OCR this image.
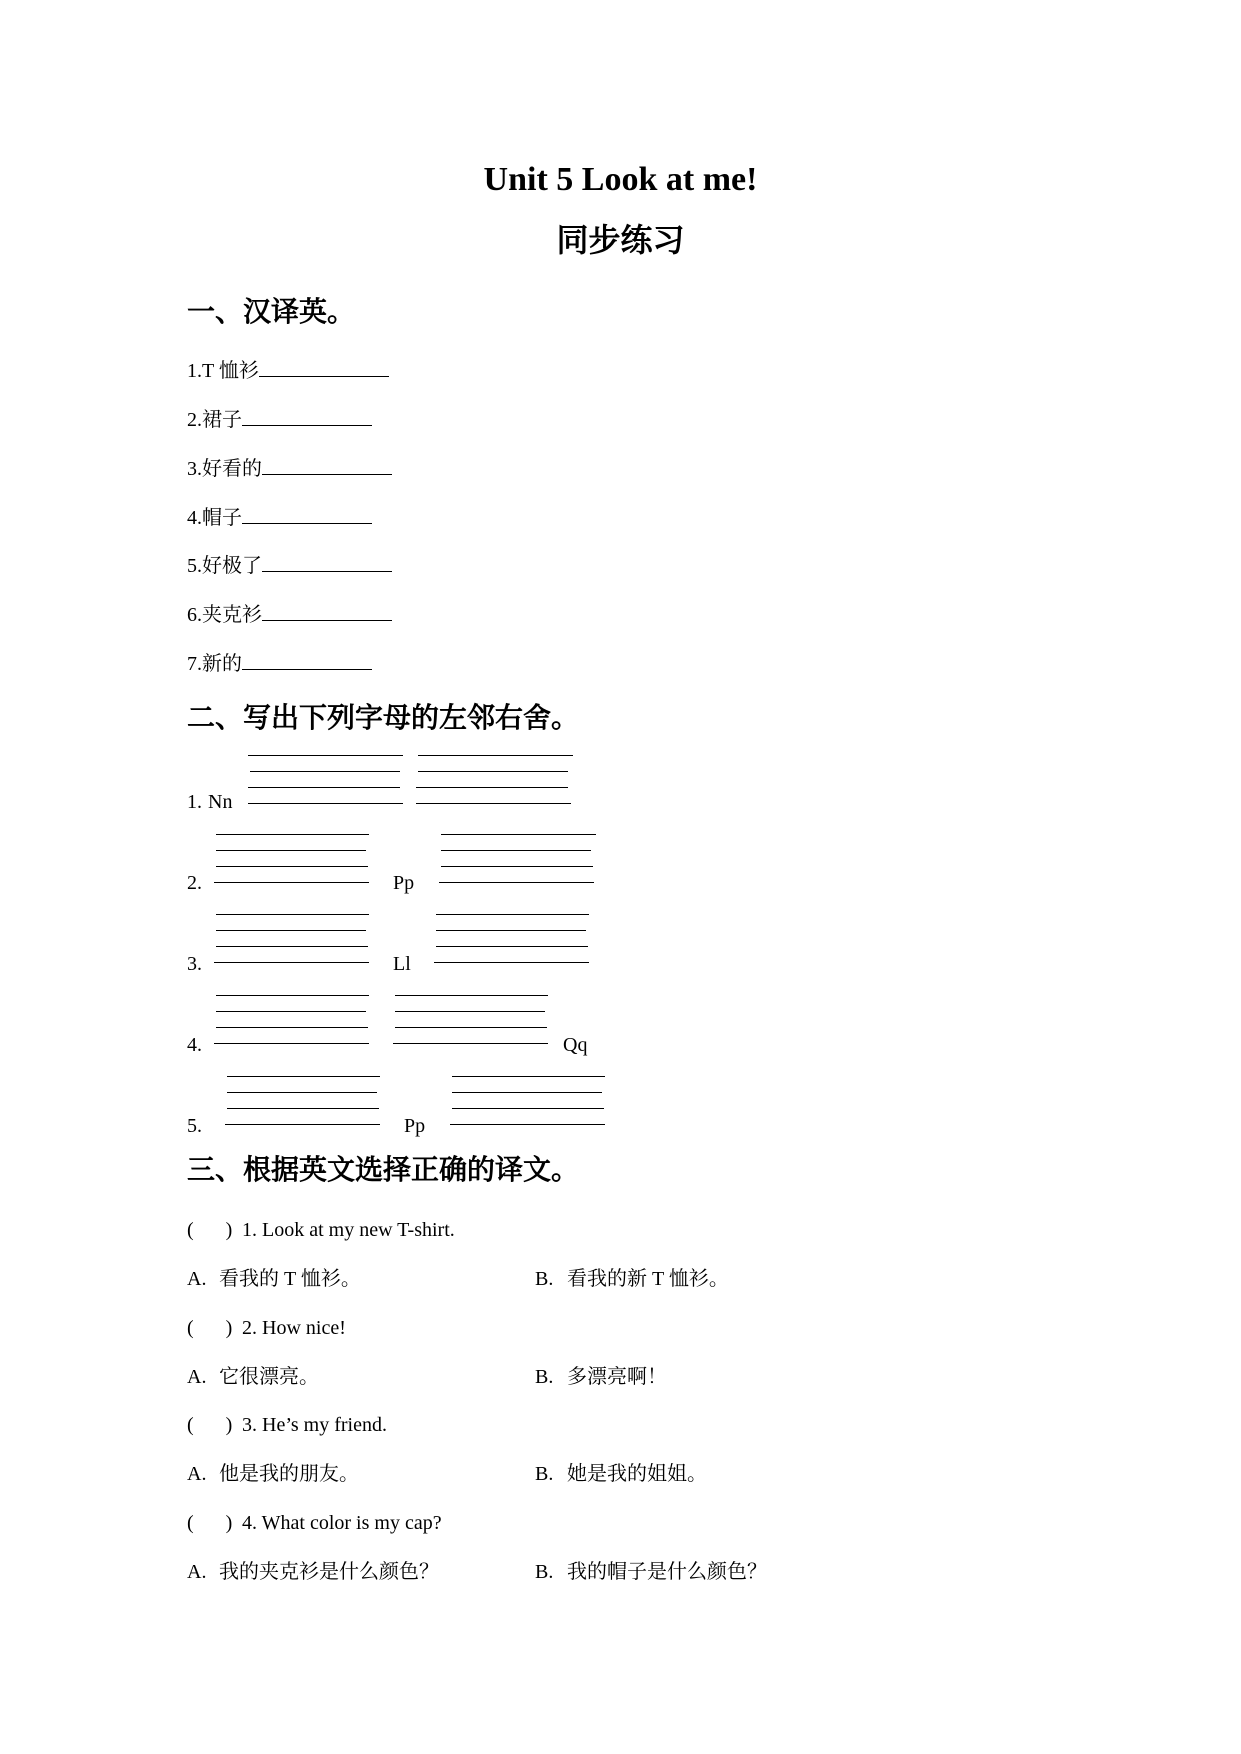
Unit 5 Look at me!
同步练习
一、汉译英。
1.T 恤衫
2.裙子
3.好看的
4.帽子
5.好极了
6.夹克衫
7.新的
二、写出下列字母的左邻右舍。
1. Nn
2.	Pp
3.	Ll
4.	Qq
5.	Pp
三、根据英文选择正确的译文。
( ) 1. Look at my new T-shirt.
A. 看我的 T 恤衫。	B. 看我的新 T 恤衫。
( ) 2. How nice!
A. 它很漂亮。	B. 多漂亮啊！
( ) 3. He’s my friend.
A. 他是我的朋友。	B. 她是我的姐姐。
( ) 4. What color is my cap?
A. 我的夹克衫是什么颜色？	B. 我的帽子是什么颜色？
